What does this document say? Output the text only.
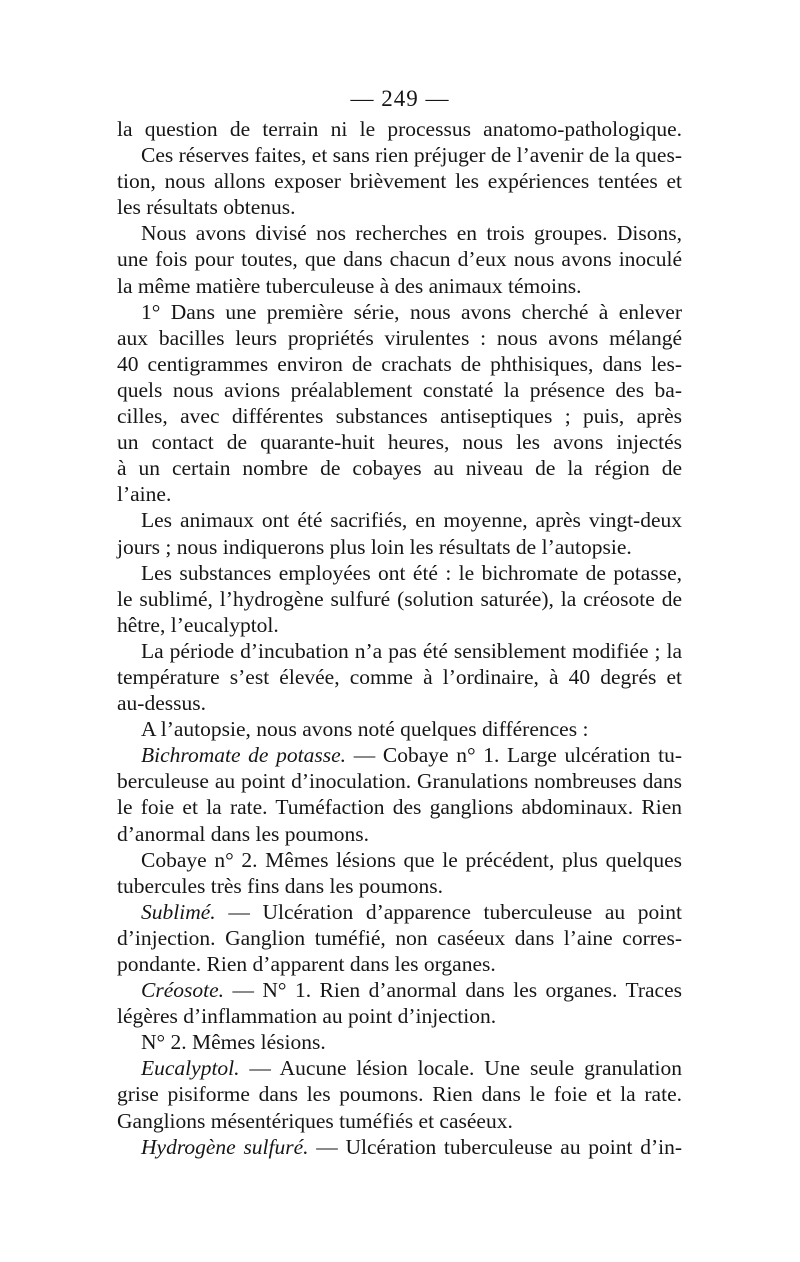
— 249 —
la question de terrain ni le processus anatomo-pathologique.
Ces réserves faites, et sans rien préjuger de l’avenir de la ques-
tion, nous allons exposer brièvement les expériences tentées et
les résultats obtenus.
Nous avons divisé nos recherches en trois groupes. Disons,
une fois pour toutes, que dans chacun d’eux nous avons inoculé
la même matière tuberculeuse à des animaux témoins.
1° Dans une première série, nous avons cherché à enlever
aux bacilles leurs propriétés virulentes : nous avons mélangé
40 centigrammes environ de crachats de phthisiques, dans les-
quels nous avions préalablement constaté la présence des ba-
cilles, avec différentes substances antiseptiques ; puis, après
un contact de quarante-huit heures, nous les avons injectés
à un certain nombre de cobayes au niveau de la région de
l’aine.
Les animaux ont été sacrifiés, en moyenne, après vingt-deux
jours ; nous indiquerons plus loin les résultats de l’autopsie.
Les substances employées ont été : le bichromate de potasse,
le sublimé, l’hydrogène sulfuré (solution saturée), la créosote de
hêtre, l’eucalyptol.
La période d’incubation n’a pas été sensiblement modifiée ; la
température s’est élevée, comme à l’ordinaire, à 40 degrés et
au-dessus.
A l’autopsie, nous avons noté quelques différences :
Bichromate de potasse. — Cobaye n° 1. Large ulcération tu-
berculeuse au point d’inoculation. Granulations nombreuses dans
le foie et la rate. Tuméfaction des ganglions abdominaux. Rien
d’anormal dans les poumons.
Cobaye n° 2. Mêmes lésions que le précédent, plus quelques
tubercules très fins dans les poumons.
Sublimé. — Ulcération d’apparence tuberculeuse au point
d’injection. Ganglion tuméfié, non caséeux dans l’aine corres-
pondante. Rien d’apparent dans les organes.
Créosote. — N° 1. Rien d’anormal dans les organes. Traces
légères d’inflammation au point d’injection.
N° 2. Mêmes lésions.
Eucalyptol. — Aucune lésion locale. Une seule granulation
grise pisiforme dans les poumons. Rien dans le foie et la rate.
Ganglions mésentériques tuméfiés et caséeux.
Hydrogène sulfuré. — Ulcération tuberculeuse au point d’in-
